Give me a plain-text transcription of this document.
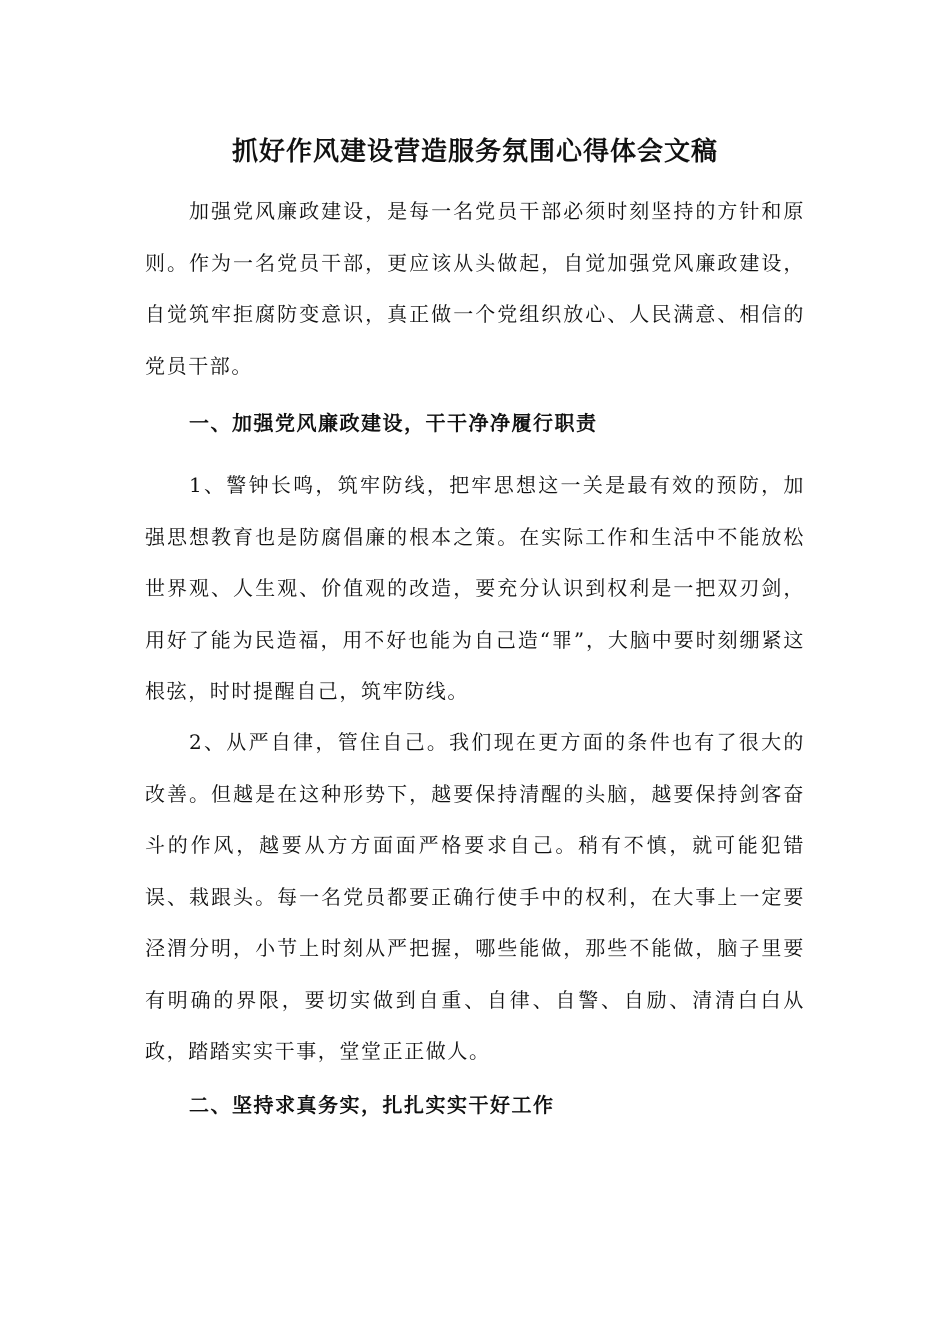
抓好作风建设营造服务氛围心得体会文稿

加强党风廉政建设，是每一名党员干部必须时刻坚持的方针和原则。作为一名党员干部，更应该从头做起，自觉加强党风廉政建设，自觉筑牢拒腐防变意识，真正做一个党组织放心、人民满意、相信的党员干部。

一、加强党风廉政建设，干干净净履行职责

1、警钟长鸣，筑牢防线，把牢思想这一关是最有效的预防，加强思想教育也是防腐倡廉的根本之策。在实际工作和生活中不能放松世界观、人生观、价值观的改造，要充分认识到权利是一把双刃剑，用好了能为民造福，用不好也能为自己造“罪”，大脑中要时刻绷紧这根弦，时时提醒自己，筑牢防线。

2、从严自律，管住自己。我们现在更方面的条件也有了很大的改善。但越是在这种形势下，越要保持清醒的头脑，越要保持剑客奋斗的作风，越要从方方面面严格要求自己。稍有不慎，就可能犯错误、栽跟头。每一名党员都要正确行使手中的权利，在大事上一定要泾渭分明，小节上时刻从严把握，哪些能做，那些不能做，脑子里要有明确的界限，要切实做到自重、自律、自警、自励、清清白白从政，踏踏实实干事，堂堂正正做人。

二、坚持求真务实，扎扎实实干好工作
